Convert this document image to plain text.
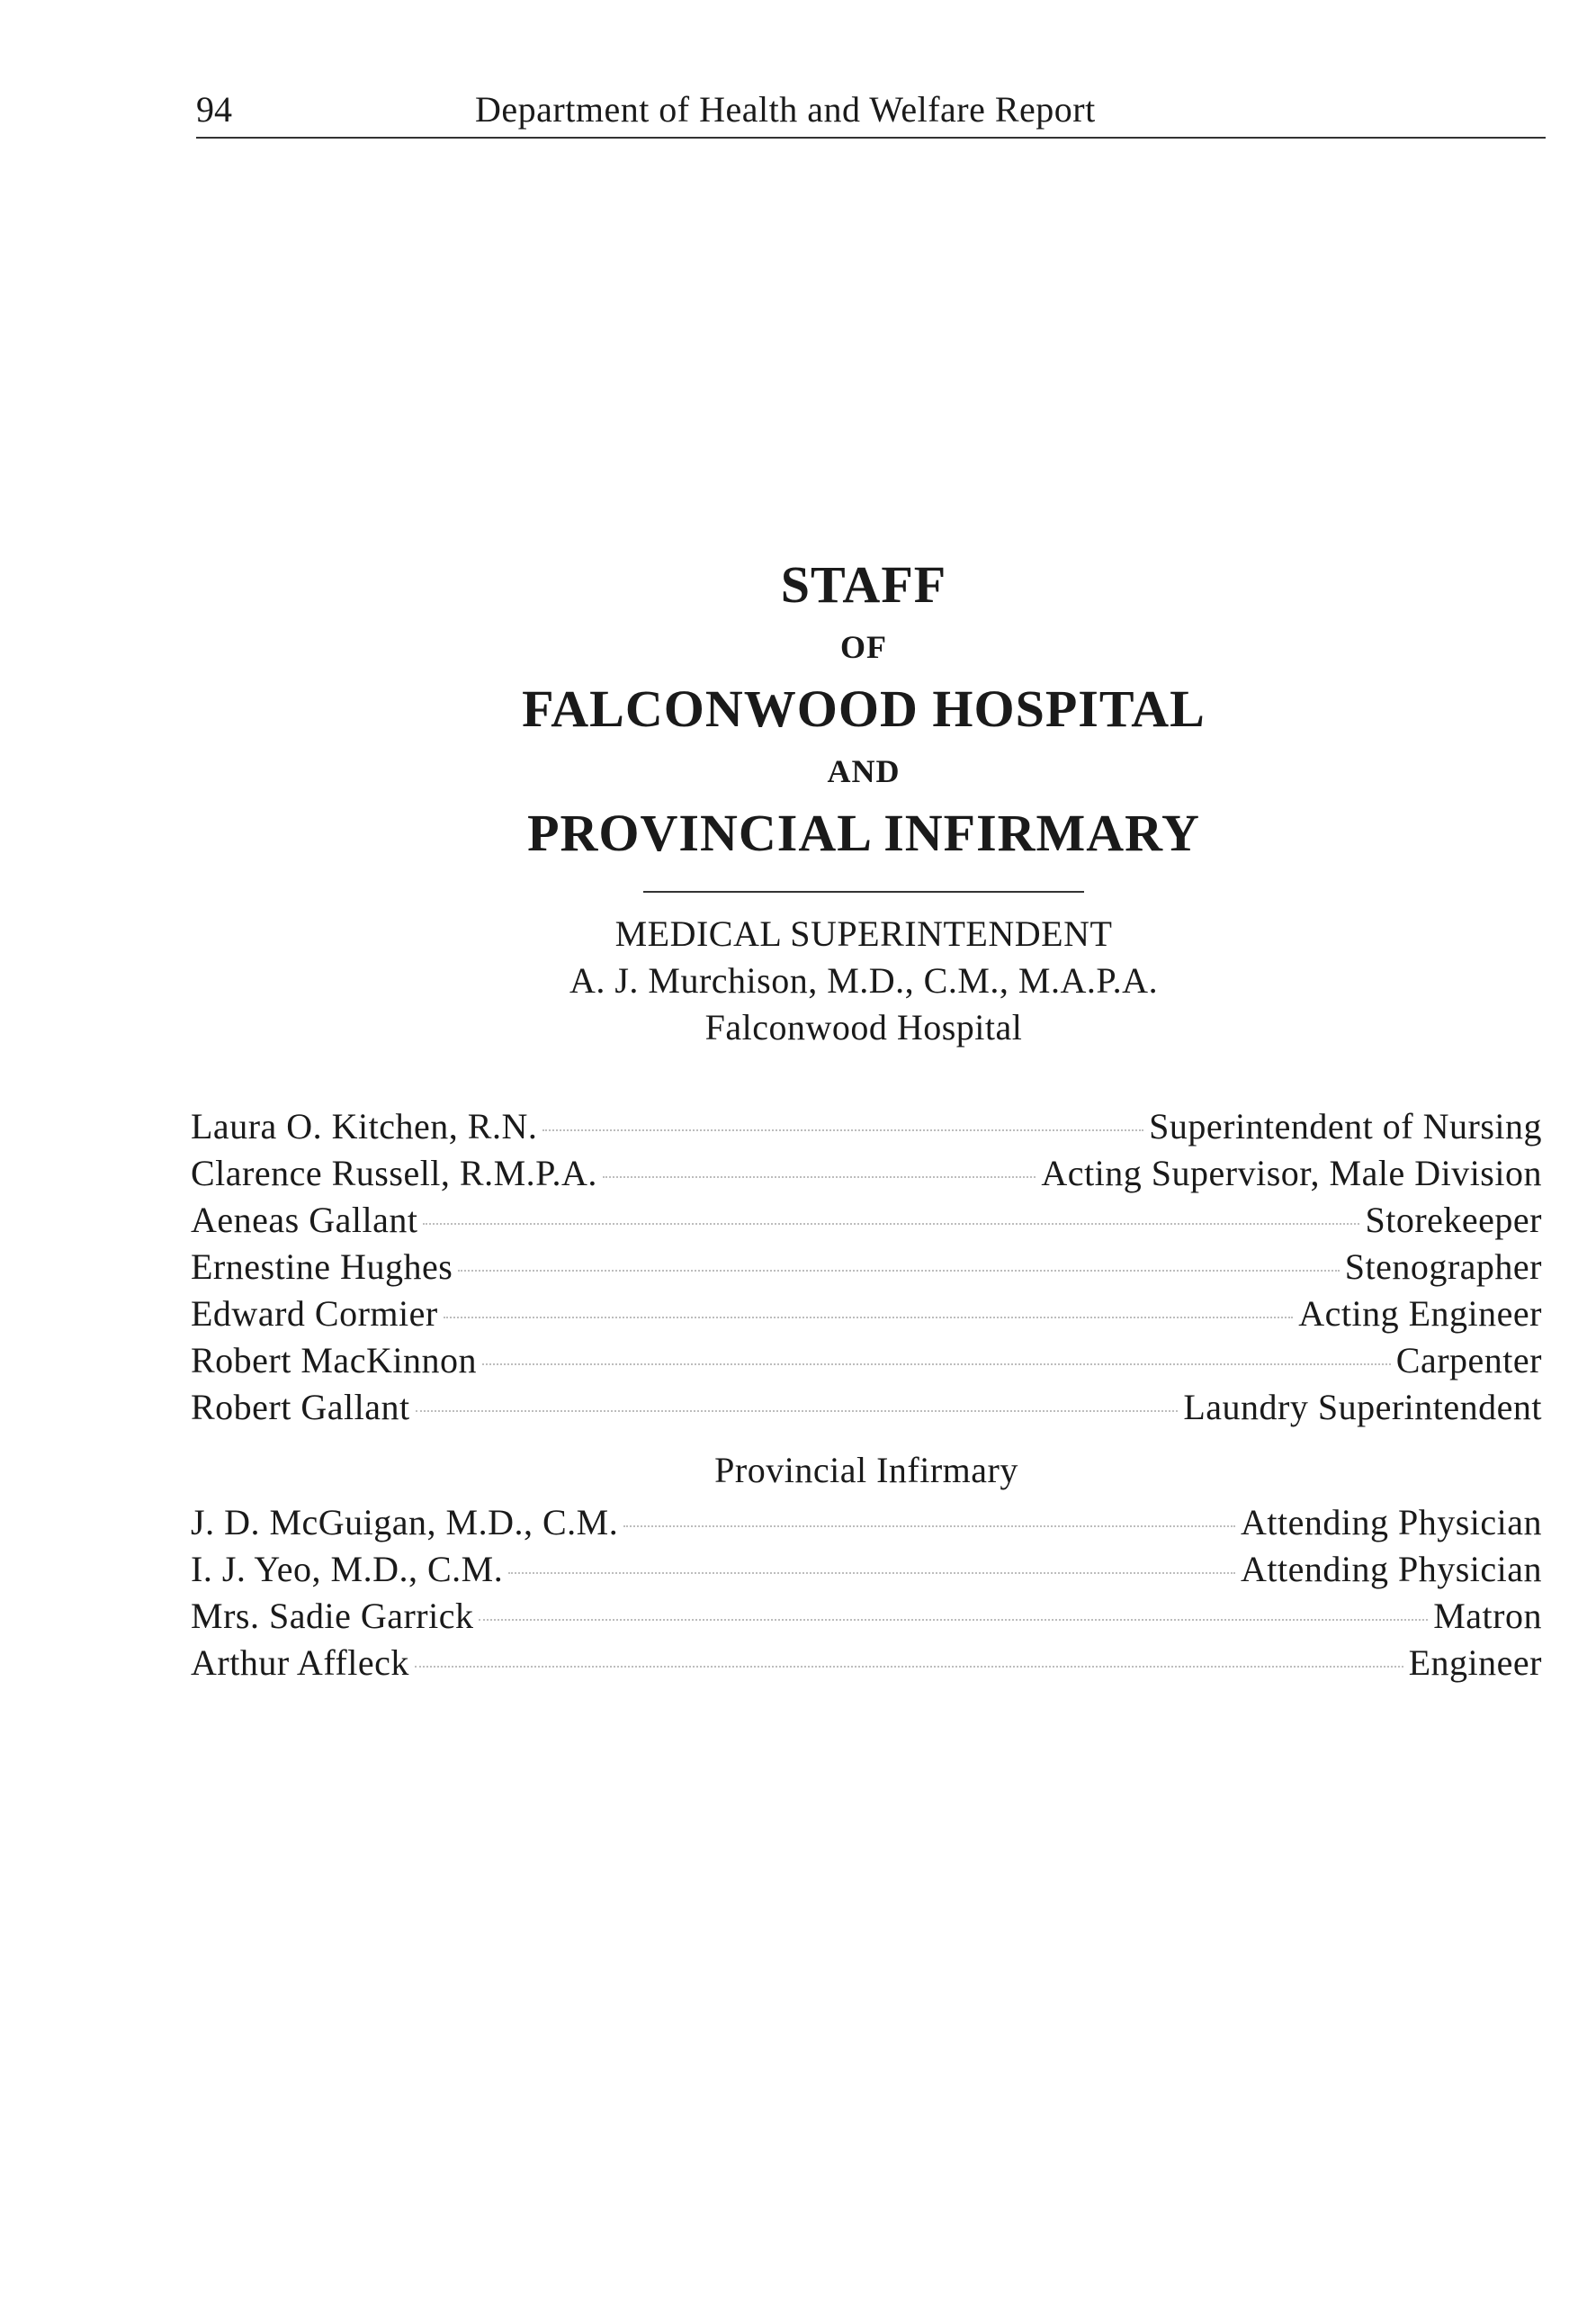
94	Department of Health and Welfare Report
STAFF
OF
FALCONWOOD HOSPITAL
AND
PROVINCIAL INFIRMARY
MEDICAL SUPERINTENDENT
A. J. Murchison, M.D., C.M., M.A.P.A.
Falconwood Hospital
Laura O. Kitchen, R.N.	Superintendent of Nursing
Clarence Russell, R.M.P.A.	Acting Supervisor, Male Division
Aeneas Gallant	Storekeeper
Ernestine Hughes	Stenographer
Edward Cormier	Acting Engineer
Robert MacKinnon	Carpenter
Robert Gallant	Laundry Superintendent
Provincial Infirmary
J. D. McGuigan, M.D., C.M.	Attending Physician
I. J. Yeo, M.D., C.M.	Attending Physician
Mrs. Sadie Garrick	Matron
Arthur Affleck	Engineer
